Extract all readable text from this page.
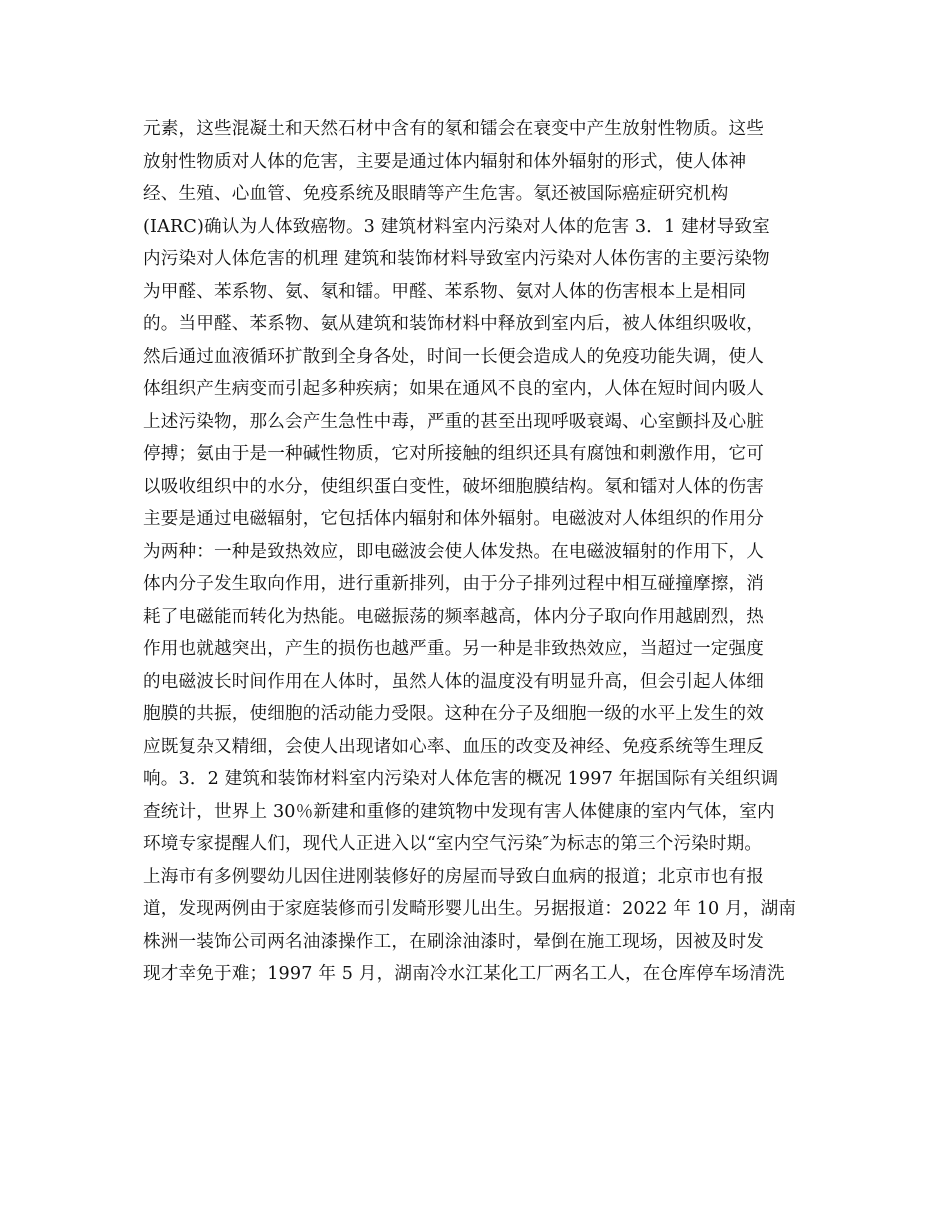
元素，这些混凝土和天然石材中含有的氡和镭会在衰变中产生放射性物质。这些
放射性物质对人体的危害，主要是通过体内辐射和体外辐射的形式，使人体神
经、生殖、心血管、免疫系统及眼睛等产生危害。氡还被国际癌症研究机构
(IARC)确认为人体致癌物。3 建筑材料室内污染对人体的危害 3．1 建材导致室
内污染对人体危害的机理 建筑和装饰材料导致室内污染对人体伤害的主要污染物
为甲醛、苯系物、氨、氡和镭。甲醛、苯系物、氨对人体的伤害根本上是相同
的。当甲醛、苯系物、氨从建筑和装饰材料中释放到室内后，被人体组织吸收，
然后通过血液循环扩散到全身各处，时间一长便会造成人的免疫功能失调，使人
体组织产生病变而引起多种疾病；如果在通风不良的室内，人体在短时间内吸人
上述污染物，那么会产生急性中毒，严重的甚至出现呼吸衰竭、心室颤抖及心脏
停搏；氨由于是一种碱性物质，它对所接触的组织还具有腐蚀和刺激作用，它可
以吸收组织中的水分，使组织蛋白变性，破坏细胞膜结构。氡和镭对人体的伤害
主要是通过电磁辐射，它包括体内辐射和体外辐射。电磁波对人体组织的作用分
为两种：一种是致热效应，即电磁波会使人体发热。在电磁波辐射的作用下，人
体内分子发生取向作用，进行重新排列，由于分子排列过程中相互碰撞摩擦，消
耗了电磁能而转化为热能。电磁振荡的频率越高，体内分子取向作用越剧烈，热
作用也就越突出，产生的损伤也越严重。另一种是非致热效应，当超过一定强度
的电磁波长时间作用在人体时，虽然人体的温度没有明显升高，但会引起人体细
胞膜的共振，使细胞的活动能力受限。这种在分子及细胞一级的水平上发生的效
应既复杂又精细，会使人出现诸如心率、血压的改变及神经、免疫系统等生理反
响。3．2 建筑和装饰材料室内污染对人体危害的概况 1997 年据国际有关组织调
查统计，世界上 30％新建和重修的建筑物中发现有害人体健康的室内气体，室内
环境专家提醒人们，现代人正进入以“室内空气污染″为标志的第三个污染时期。
上海市有多例婴幼儿因住进刚装修好的房屋而导致白血病的报道；北京市也有报
道，发现两例由于家庭装修而引发畸形婴儿出生。另据报道：2022 年 10 月，湖南
株洲一装饰公司两名油漆操作工，在刷涂油漆时，晕倒在施工现场，因被及时发
现才幸免于难；1997 年 5 月，湖南冷水江某化工厂两名工人，在仓库停车场清洗
